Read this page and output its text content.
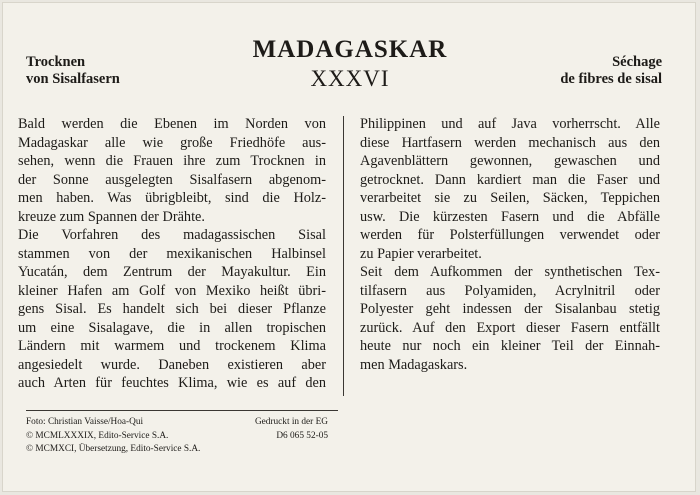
Trocknen
von Sisalfasern
MADAGASKAR
XXXVI
Séchage
de fibres de sisal
Bald werden die Ebenen im Norden von
Madagaskar alle wie große Friedhöfe aus-
sehen, wenn die Frauen ihre zum Trocknen in
der Sonne ausgelegten Sisalfasern abgenom-
men haben. Was übrigbleibt, sind die Holz-
kreuze zum Spannen der Drähte.
Die Vorfahren des madagassischen Sisal
stammen von der mexikanischen Halbinsel
Yucatán, dem Zentrum der Mayakultur. Ein
kleiner Hafen am Golf von Mexiko heißt übri-
gens Sisal. Es handelt sich bei dieser Pflanze
um eine Sisalagave, die in allen tropischen
Ländern mit warmem und trockenem Klima
angesiedelt wurde. Daneben existieren aber
auch Arten für feuchtes Klima, wie es auf den
Philippinen und auf Java vorherrscht. Alle
diese Hartfasern werden mechanisch aus den
Agavenblättern gewonnen, gewaschen und
getrocknet. Dann kardiert man die Faser und
verarbeitet sie zu Seilen, Säcken, Teppichen
usw. Die kürzesten Fasern und die Abfälle
werden für Polsterfüllungen verwendet oder
zu Papier verarbeitet.
Seit dem Aufkommen der synthetischen Tex-
tilfasern aus Polyamiden, Acrylnitril oder
Polyester geht indessen der Sisalanbau stetig
zurück. Auf den Export dieser Fasern entfällt
heute nur noch ein kleiner Teil der Einnah-
men Madagaskars.
Foto: Christian Vaisse/Hoa-Qui
© MCMLXXXIX, Edito-Service S.A.
© MCMXCI, Übersetzung, Edito-Service S.A.
Gedruckt in der EG
D6 065 52-05
